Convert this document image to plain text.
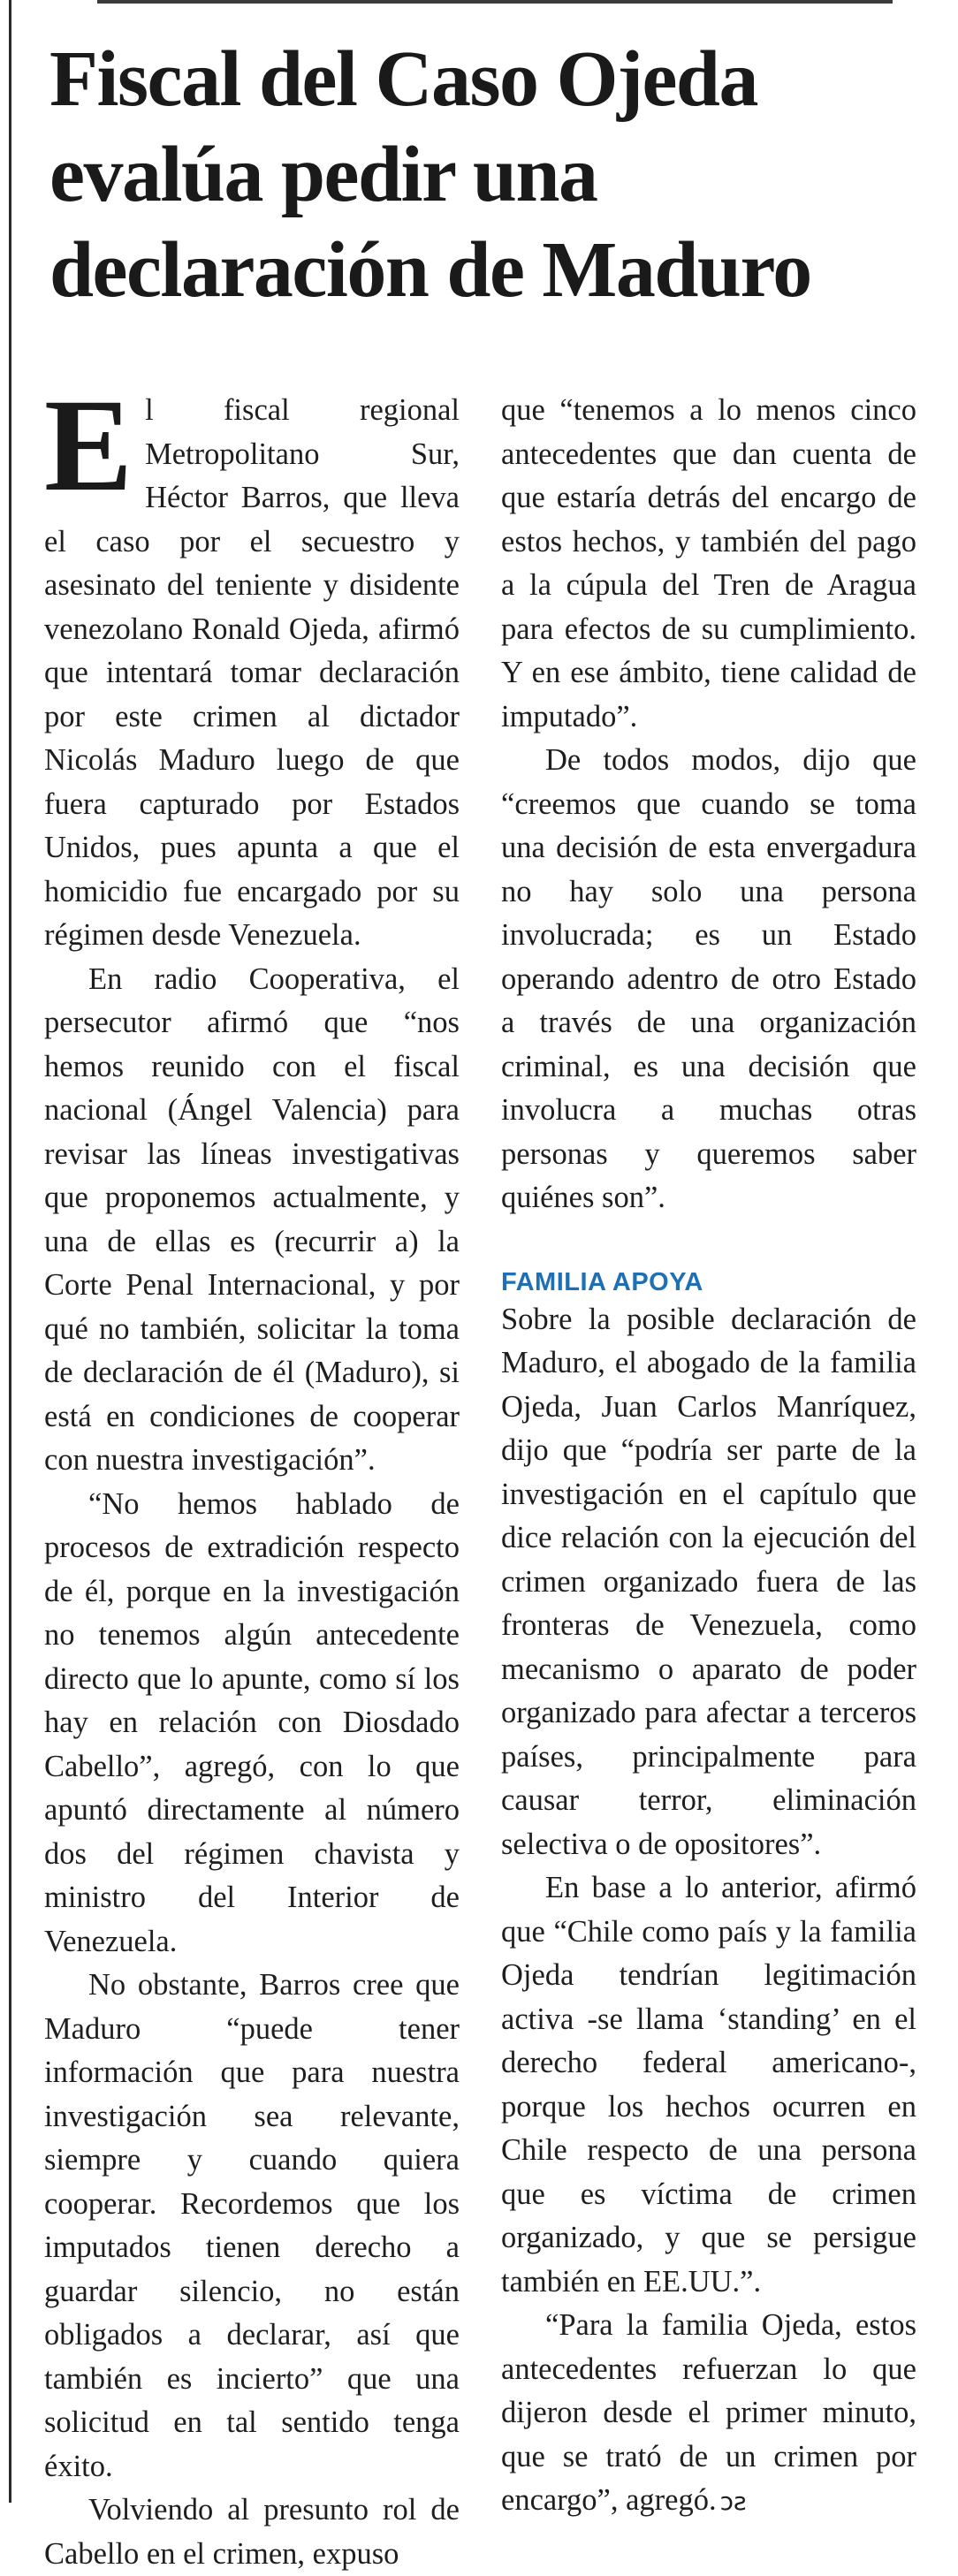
Fiscal del Caso Ojeda evalúa pedir una declaración de Maduro

El fiscal regional Metropolitano Sur, Héctor Barros, que lleva el caso por el secuestro y asesinato del teniente y disidente venezolano Ronald Ojeda, afirmó que intentará tomar declaración por este crimen al dictador Nicolás Maduro luego de que fuera capturado por Estados Unidos, pues apunta a que el homicidio fue encargado por su régimen desde Venezuela.

En radio Cooperativa, el persecutor afirmó que “nos hemos reunido con el fiscal nacional (Ángel Valencia) para revisar las líneas investigativas que proponemos actualmente, y una de ellas es (recurrir a) la Corte Penal Internacional, y por qué no también, solicitar la toma de declaración de él (Maduro), si está en condiciones de cooperar con nuestra investigación”.

“No hemos hablado de procesos de extradición respecto de él, porque en la investigación no tenemos algún antecedente directo que lo apunte, como sí los hay en relación con Diosdado Cabello”, agregó, con lo que apuntó directamente al número dos del régimen chavista y ministro del Interior de Venezuela.

No obstante, Barros cree que Maduro “puede tener información que para nuestra investigación sea relevante, siempre y cuando quiera cooperar. Recordemos que los imputados tienen derecho a guardar silencio, no están obligados a declarar, así que también es incierto” que una solicitud en tal sentido tenga éxito.

Volviendo al presunto rol de Cabello en el crimen, expuso

que “tenemos a lo menos cinco antecedentes que dan cuenta de que estaría detrás del encargo de estos hechos, y también del pago a la cúpula del Tren de Aragua para efectos de su cumplimiento. Y en ese ámbito, tiene calidad de imputado”.

De todos modos, dijo que “creemos que cuando se toma una decisión de esta envergadura no hay solo una persona involucrada; es un Estado operando adentro de otro Estado a través de una organización criminal, es una decisión que involucra a muchas otras personas y queremos saber quiénes son”.

FAMILIA APOYA

Sobre la posible declaración de Maduro, el abogado de la familia Ojeda, Juan Carlos Manríquez, dijo que “podría ser parte de la investigación en el capítulo que dice relación con la ejecución del crimen organizado fuera de las fronteras de Venezuela, como mecanismo o aparato de poder organizado para afectar a terceros países, principalmente para causar terror, eliminación selectiva o de opositores”.

En base a lo anterior, afirmó que “Chile como país y la familia Ojeda tendrían legitimación activa -se llama ‘standing’ en el derecho federal americano-, porque los hechos ocurren en Chile respecto de una persona que es víctima de crimen organizado, y que se persigue también en EE.UU.”.

“Para la familia Ojeda, estos antecedentes refuerzan lo que dijeron desde el primer minuto, que se trató de un crimen por encargo”, agregó. ↄƨ
